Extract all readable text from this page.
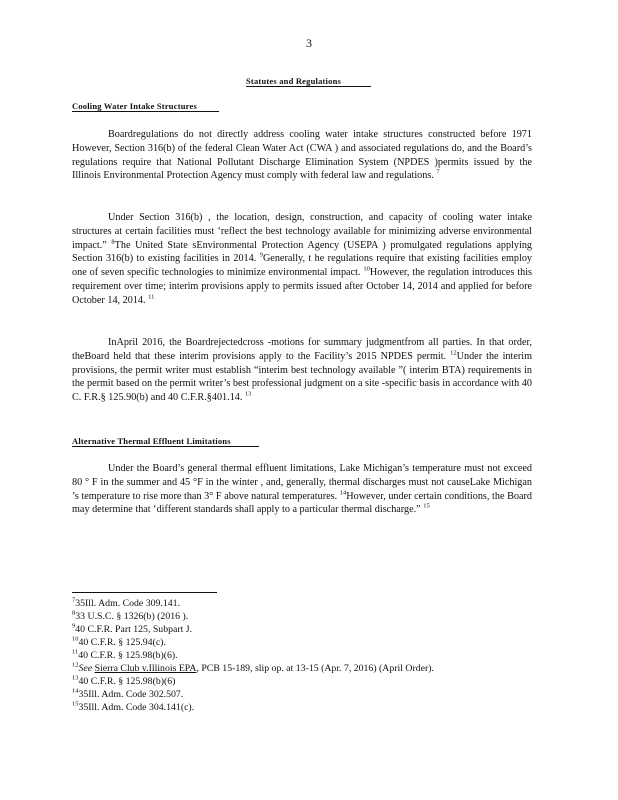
3
Statutes and Regulations
Cooling Water Intake Structures

Boardregulations do not directly address cooling water intake structures constructed before 1971 However, Section 316(b) of the federal Clean Water Act (CWA ) and associated regulations do, and the Board’s regulations require that National Pollutant Discharge Elimination System (NPDES )permits issued by the Illinois Environmental Protection Agency must comply with federal law and regulations. $^7$

Under Section 316(b) , the location, design, construction, and capacity of cooling water intake structures at certain facilities must ‘reflect the best technology available for minimizing adverse environmental impact.” $^8$The United State sEnvironmental Protection Agency (USEPA ) promulgated regulations applying Section 316(b) to existing facilities in 2014. $^9$Generally, t he regulations require that existing facilities employ one of seven specific technologies to minimize environmental impact. $^{10}$However, the regulation introduces this requirement over time; interim provisions apply to permits issued after October 14, 2014 and applied for before October 14, 2014. $^{11}$

InApril 2016, the Boardrejectedcross -motions for summary judgmentfrom all parties. In that order, theBoard held that these interim provisions apply to the Facility’s 2015 NPDES permit. $^{12}$Under the interim provisions, the permit writer must establish “interim best technology available ”( interim BTA) requirements in the permit based on the permit writer’s best professional judgment on a site -specific basis in accordance with 40 C. F.R.§ 125.90(b) and 40 C.F.R.§401.14. $^{13}$

Alternative Thermal Effluent Limitations

Under the Board’s general thermal effluent limitations, Lake Michigan’s temperature must not exceed 80 ° F in the summer and 45 °F in the winter , and, generally, thermal discharges must not causeLake Michigan ’s temperature to rise more than 3° F above natural temperatures. $^{14}$However, under certain conditions, the Board may determine that ‘different standards shall apply to a particular thermal discharge.” $^{15}$

$^7$35Ill. Adm. Code 309.141.
$^8$33 U.S.C. § 1326(b) (2016 ).
$^9$40 C.F.R. Part 125, Subpart J.
$^{10}$40 C.F.R. § 125.94(c).
$^{11}$40 C.F.R. § 125.98(b)(6).
$^{12}$See Sierra Club v.Illinois EPA, PCB 15-189, slip op. at 13-15 (Apr. 7, 2016) (April Order).
$^{13}$40 C.F.R. § 125.98(b)(6)
$^{14}$35Ill. Adm. Code 302.507.
$^{15}$35Ill. Adm. Code 304.141(c).
